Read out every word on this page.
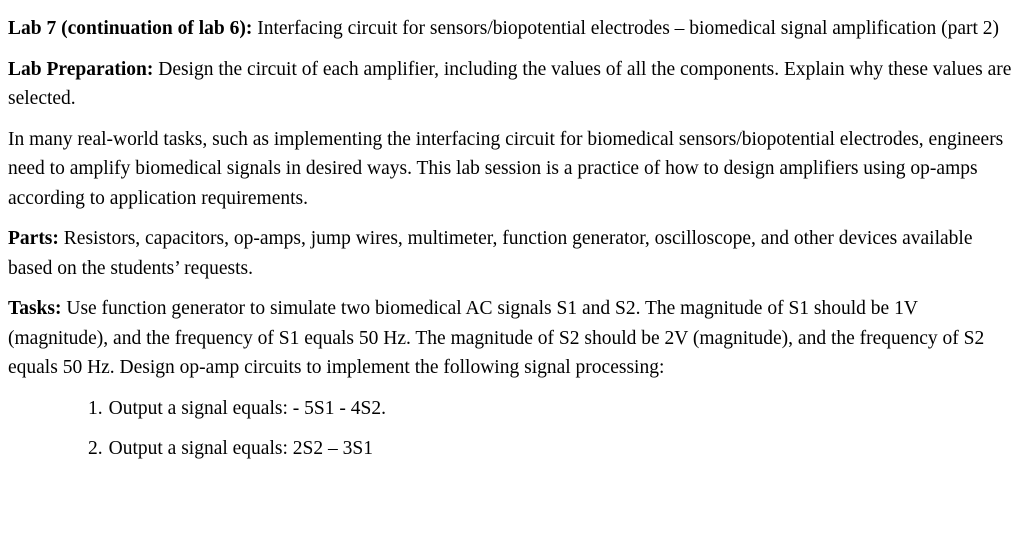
Lab 7 (continuation of lab 6): Interfacing circuit for sensors/biopotential electrodes – biomedical signal amplification (part 2)

Lab Preparation: Design the circuit of each amplifier, including the values of all the components. Explain why these values are selected.

In many real-world tasks, such as implementing the interfacing circuit for biomedical sensors/biopotential electrodes, engineers need to amplify biomedical signals in desired ways. This lab session is a practice of how to design amplifiers using op-amps according to application requirements.

Parts: Resistors, capacitors, op-amps, jump wires, multimeter, function generator, oscilloscope, and other devices available based on the students’ requests.

Tasks: Use function generator to simulate two biomedical AC signals S1 and S2. The magnitude of S1 should be 1V (magnitude), and the frequency of S1 equals 50 Hz. The magnitude of S2 should be 2V (magnitude), and the frequency of S2 equals 50 Hz. Design op-amp circuits to implement the following signal processing:

1. Output a signal equals: - 5S1 - 4S2.
2. Output a signal equals: 2S2 – 3S1
